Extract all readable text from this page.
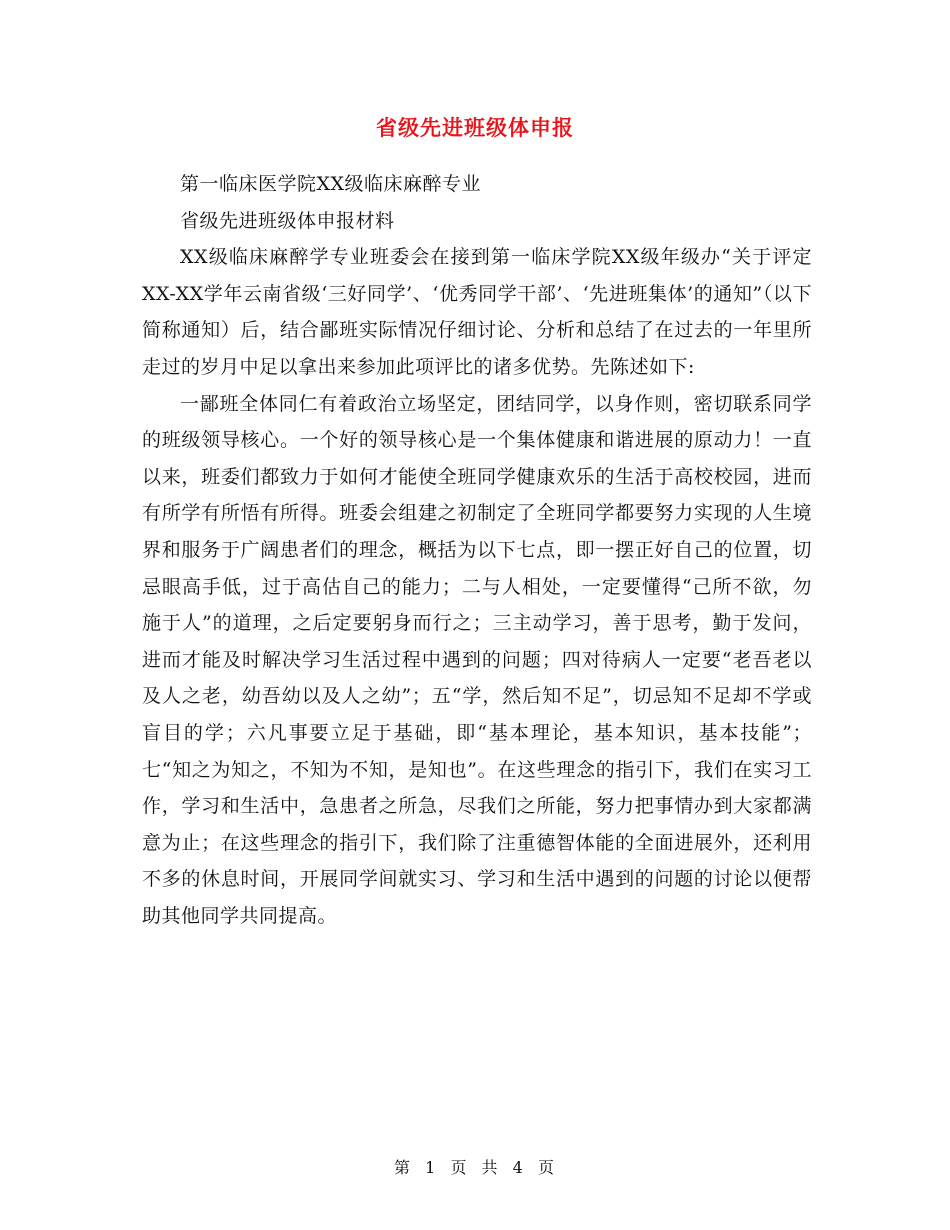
省级先进班级体申报

第一临床医学院XX级临床麻醉专业

省级先进班级体申报材料

XX级临床麻醉学专业班委会在接到第一临床学院XX级年级办“关于评定XX-XX学年云南省级‘三好同学’、‘优秀同学干部’、‘先进班集体’的通知”（以下简称通知）后，结合鄙班实际情况仔细讨论、分析和总结了在过去的一年里所走过的岁月中足以拿出来参加此项评比的诸多优势。先陈述如下:

一鄙班全体同仁有着政治立场坚定，团结同学，以身作则，密切联系同学的班级领导核心。一个好的领导核心是一个集体健康和谐进展的原动力！一直以来，班委们都致力于如何才能使全班同学健康欢乐的生活于高校校园，进而有所学有所悟有所得。班委会组建之初制定了全班同学都要努力实现的人生境界和服务于广阔患者们的理念，概括为以下七点，即一摆正好自己的位置，切忌眼高手低，过于高估自己的能力；二与人相处，一定要懂得“己所不欲，勿施于人”的道理，之后定要躬身而行之；三主动学习，善于思考，勤于发问，进而才能及时解决学习生活过程中遇到的问题；四对待病人一定要“老吾老以及人之老，幼吾幼以及人之幼”；五“学，然后知不足”，切忌知不足却不学或盲目的学；六凡事要立足于基础，即“基本理论，基本知识，基本技能”；七“知之为知之，不知为不知，是知也”。在这些理念的指引下，我们在实习工作，学习和生活中，急患者之所急，尽我们之所能，努力把事情办到大家都满意为止；在这些理念的指引下，我们除了注重德智体能的全面进展外，还利用不多的休息时间，开展同学间就实习、学习和生活中遇到的问题的讨论以便帮助其他同学共同提高。

第 1 页 共 4 页
